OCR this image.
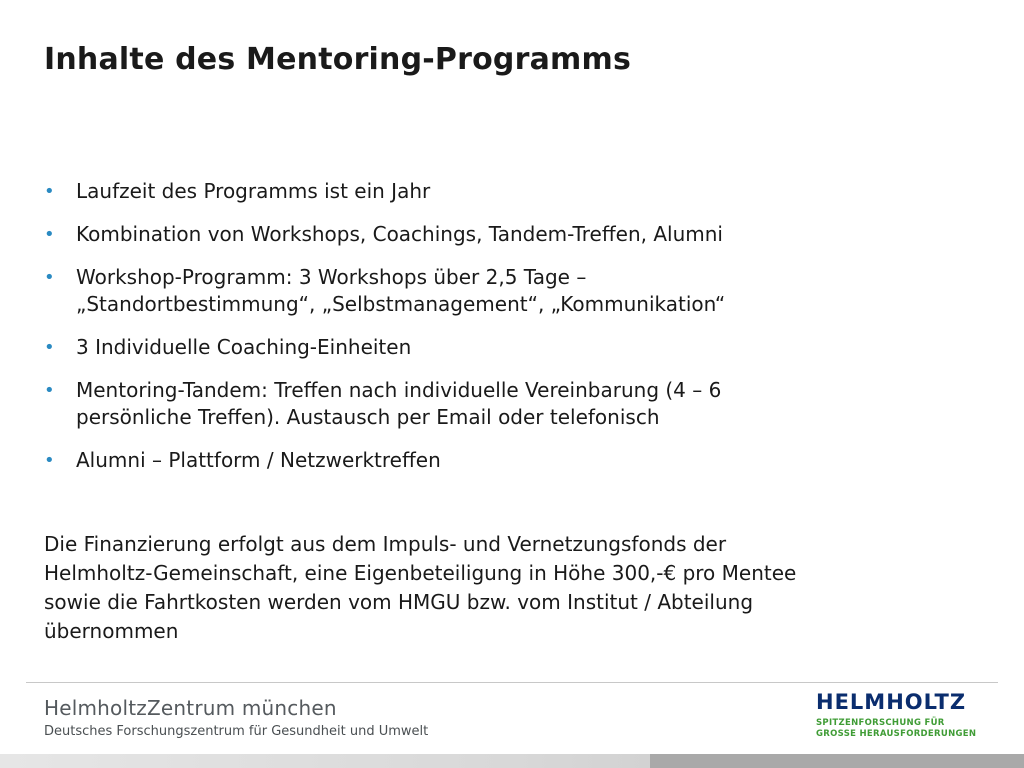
Inhalte des Mentoring-Programms
• Laufzeit des Programms ist ein Jahr
• Kombination von Workshops, Coachings, Tandem-Treffen, Alumni
• Workshop-Programm: 3 Workshops über 2,5 Tage –
„Standortbestimmung“, „Selbstmanagement“, „Kommunikation“
• 3 Individuelle Coaching-Einheiten
• Mentoring-Tandem: Treffen nach individuelle Vereinbarung (4 – 6
persönliche Treffen). Austausch per Email oder telefonisch
• Alumni – Plattform / Netzwerktreffen
Die Finanzierung erfolgt aus dem Impuls- und Vernetzungsfonds der
Helmholtz-Gemeinschaft, eine Eigenbeteiligung in Höhe 300,-€ pro Mentee
sowie die Fahrtkosten werden vom HMGU bzw. vom Institut / Abteilung
übernommen
HelmholtzZentrum münchen
Deutsches Forschungszentrum für Gesundheit und Umwelt
HELMHOLTZ
SPITZENFORSCHUNG FÜR
GROSSE HERAUSFORDERUNGEN
